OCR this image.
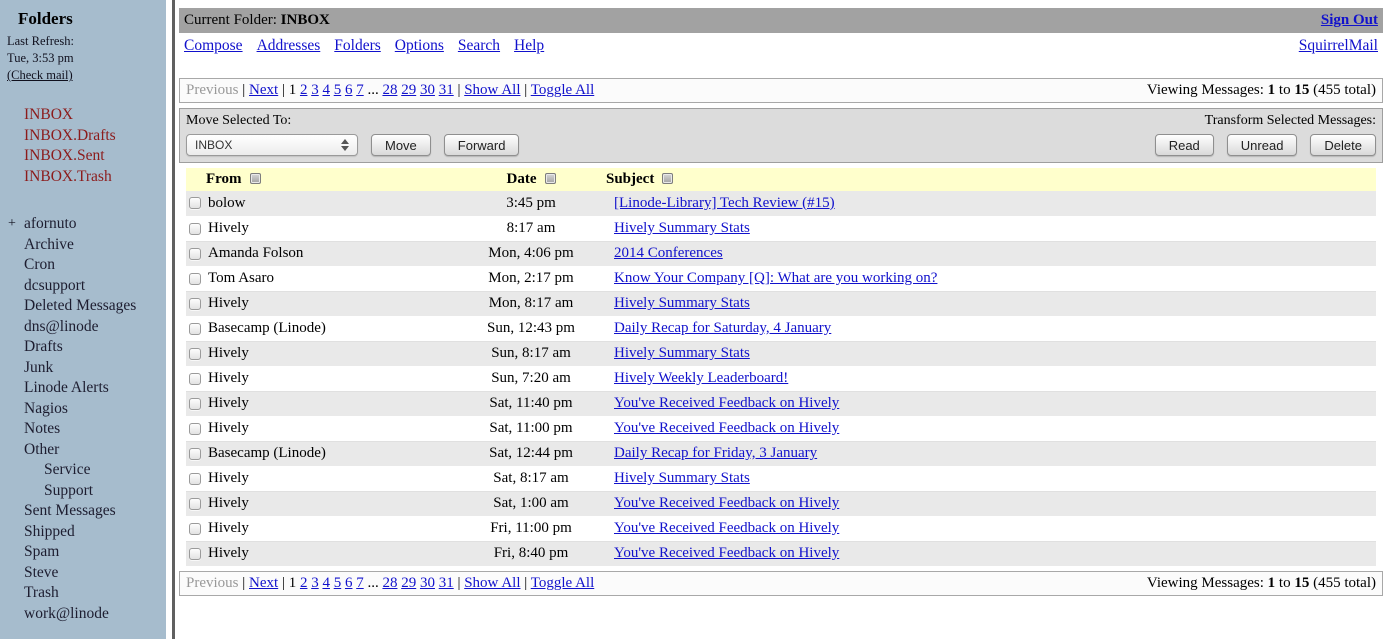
Folders
Last Refresh:
Tue, 3:53 pm
(Check mail)
INBOX
INBOX.Drafts
INBOX.Sent
INBOX.Trash
+ afornuto
Archive
Cron
dcsupport
Deleted Messages
dns@linode
Drafts
Junk
Linode Alerts
Nagios
Notes
Other
Service
Support
Sent Messages
Shipped
Spam
Steve
Trash
work@linode
Current Folder: INBOX	Sign Out
Compose Addresses Folders Options Search Help	SquirrelMail
Previous | Next | 1 2 3 4 5 6 7 ... 28 29 30 31 | Show All | Toggle All	Viewing Messages: 1 to 15 (455 total)
Move Selected To:
INBOX	Move	Forward
Transform Selected Messages:
Read	Unread	Delete
	From	Date	Subject
	bolow	3:45 pm	[Linode-Library] Tech Review (#15)
	Hively	8:17 am	Hively Summary Stats
	Amanda Folson	Mon, 4:06 pm	2014 Conferences
	Tom Asaro	Mon, 2:17 pm	Know Your Company [Q]: What are you working on?
	Hively	Mon, 8:17 am	Hively Summary Stats
	Basecamp (Linode)	Sun, 12:43 pm	Daily Recap for Saturday, 4 January
	Hively	Sun, 8:17 am	Hively Summary Stats
	Hively	Sun, 7:20 am	Hively Weekly Leaderboard!
	Hively	Sat, 11:40 pm	You've Received Feedback on Hively
	Hively	Sat, 11:00 pm	You've Received Feedback on Hively
	Basecamp (Linode)	Sat, 12:44 pm	Daily Recap for Friday, 3 January
	Hively	Sat, 8:17 am	Hively Summary Stats
	Hively	Sat, 1:00 am	You've Received Feedback on Hively
	Hively	Fri, 11:00 pm	You've Received Feedback on Hively
	Hively	Fri, 8:40 pm	You've Received Feedback on Hively
Previous | Next | 1 2 3 4 5 6 7 ... 28 29 30 31 | Show All | Toggle All	Viewing Messages: 1 to 15 (455 total)
